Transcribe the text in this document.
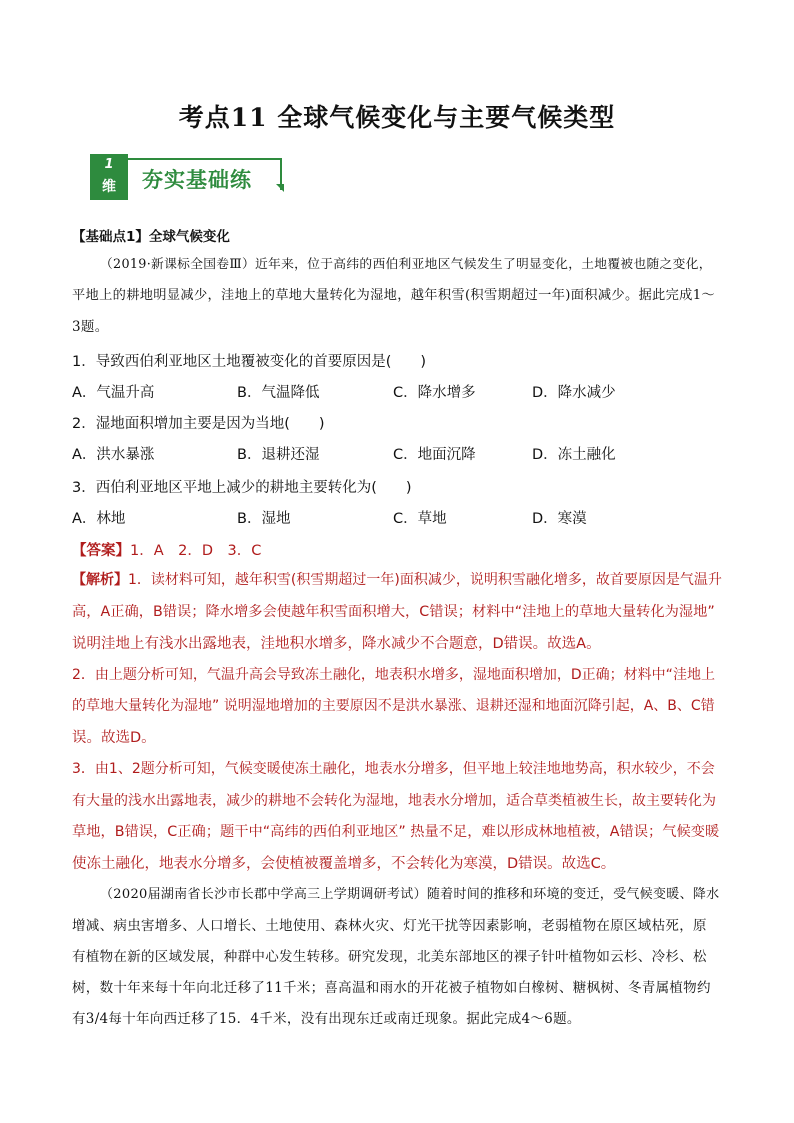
考点11 全球气候变化与主要气候类型
1
维	夯实基础练
【基础点1】全球气候变化
（2019·新课标全国卷Ⅲ）近年来，位于高纬的西伯利亚地区气候发生了明显变化，土地覆被也随之变化，
平地上的耕地明显减少，洼地上的草地大量转化为湿地，越年积雪(积雪期超过一年)面积减少。据此完成1～
3题。
1．导致西伯利亚地区土地覆被变化的首要原因是(　　)
A．气温升高	B．气温降低	C．降水增多	D．降水减少
2．湿地面积增加主要是因为当地(　　)
A．洪水暴涨	B．退耕还湿	C．地面沉降	D．冻土融化
3．西伯利亚地区平地上减少的耕地主要转化为(　　)
A．林地	B．湿地	C．草地	D．寒漠
【答案】1．A　2．D　3．C
【解析】1．读材料可知，越年积雪(积雪期超过一年)面积减少，说明积雪融化增多，故首要原因是气温升
高，A正确，B错误；降水增多会使越年积雪面积增大，C错误；材料中“洼地上的草地大量转化为湿地”
说明洼地上有浅水出露地表，洼地积水增多，降水减少不合题意，D错误。故选A。
2．由上题分析可知，气温升高会导致冻土融化，地表积水增多，湿地面积增加，D正确；材料中“洼地上
的草地大量转化为湿地” 说明湿地增加的主要原因不是洪水暴涨、退耕还湿和地面沉降引起，A、B、C错
误。故选D。
3．由1、2题分析可知，气候变暖使冻土融化，地表水分增多，但平地上较洼地地势高，积水较少，不会
有大量的浅水出露地表，减少的耕地不会转化为湿地，地表水分增加，适合草类植被生长，故主要转化为
草地，B错误，C正确；题干中“高纬的西伯利亚地区” 热量不足，难以形成林地植被，A错误；气候变暖
使冻土融化，地表水分增多，会使植被覆盖增多，不会转化为寒漠，D错误。故选C。
（2020届湖南省长沙市长郡中学高三上学期调研考试）随着时间的推移和环境的变迁，受气候变暖、降水
增减、病虫害增多、人口增长、土地使用、森林火灾、灯光干扰等因素影响，老弱植物在原区域枯死，原
有植物在新的区域发展，种群中心发生转移。研究发现，北美东部地区的裸子针叶植物如云杉、冷杉、松
树，数十年来每十年向北迁移了11千米；喜高温和雨水的开花被子植物如白橡树、糖枫树、冬青属植物约
有3/4每十年向西迁移了15．4千米，没有出现东迁或南迁现象。据此完成4～6题。
